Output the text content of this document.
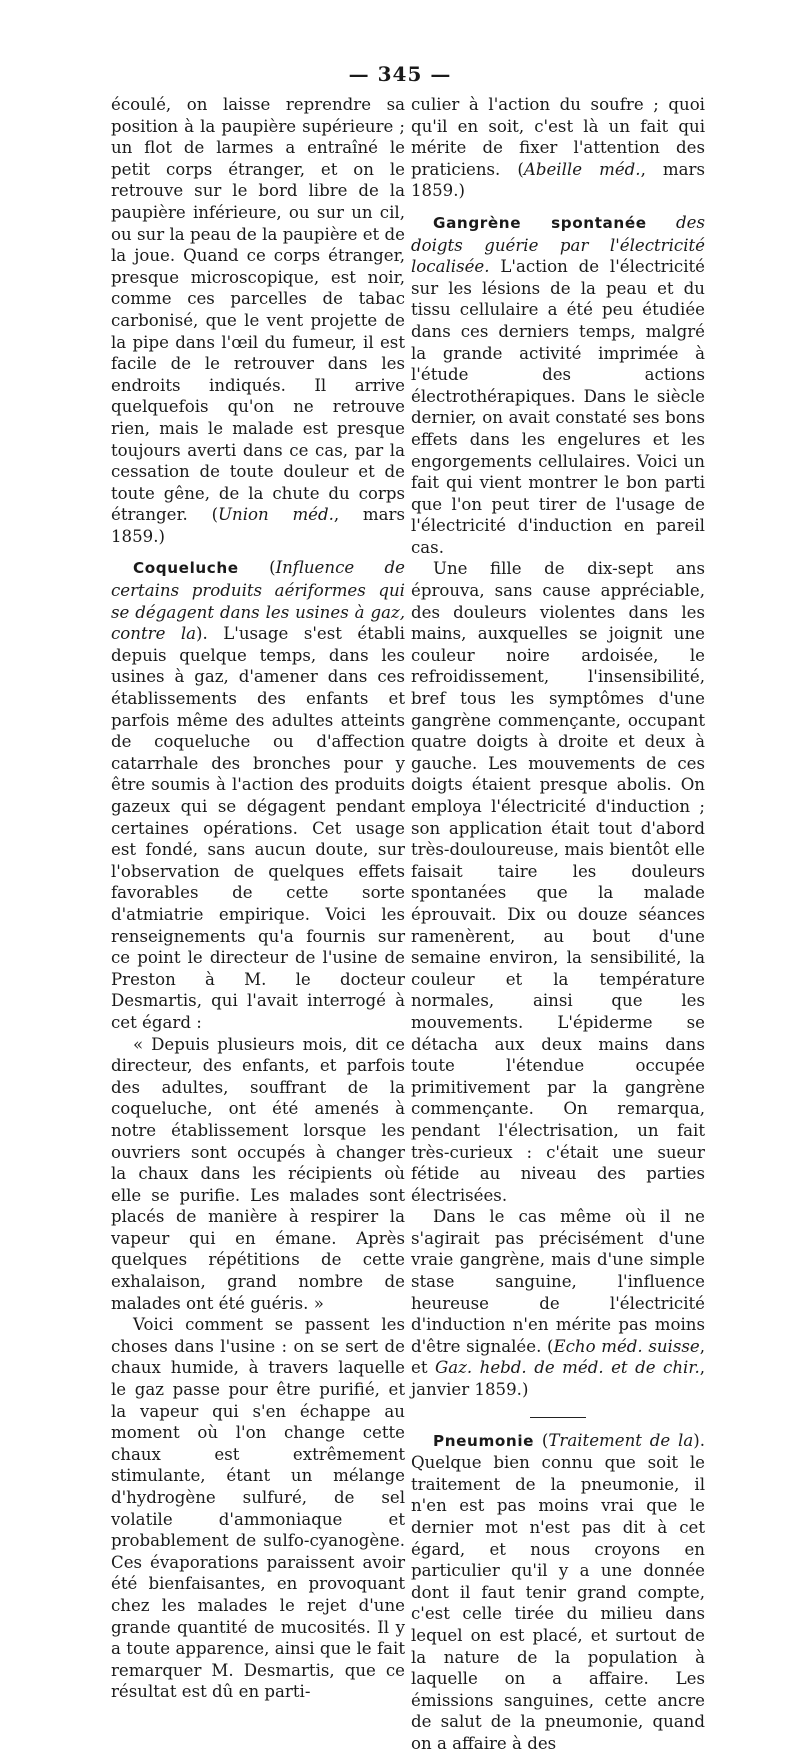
— 345 —

écoulé, on laisse reprendre sa position à la paupière supérieure ; un flot de larmes a entraîné le petit corps étranger, et on le retrouve sur le bord libre de la paupière inférieure, ou sur un cil, ou sur la peau de la paupière et de la joue. Quand ce corps étranger, presque microscopique, est noir, comme ces parcelles de tabac carbonisé, que le vent projette de la pipe dans l'œil du fumeur, il est facile de le retrouver dans les endroits indiqués. Il arrive quelquefois qu'on ne retrouve rien, mais le malade est presque toujours averti dans ce cas, par la cessation de toute douleur et de toute gêne, de la chute du corps étranger. (Union méd., mars 1859.)

Coqueluche (Influence de certains produits aériformes qui se dégagent dans les usines à gaz, contre la). L'usage s'est établi depuis quelque temps, dans les usines à gaz, d'amener dans ces établissements des enfants et parfois même des adultes atteints de coqueluche ou d'affection catarrhale des bronches pour y être soumis à l'action des produits gazeux qui se dégagent pendant certaines opérations. Cet usage est fondé, sans aucun doute, sur l'observation de quelques effets favorables de cette sorte d'atmiatrie empirique. Voici les renseignements qu'a fournis sur ce point le directeur de l'usine de Preston à M. le docteur Desmartis, qui l'avait interrogé à cet égard :

« Depuis plusieurs mois, dit ce directeur, des enfants, et parfois des adultes, souffrant de la coqueluche, ont été amenés à notre établissement lorsque les ouvriers sont occupés à changer la chaux dans les récipients où elle se purifie. Les malades sont placés de manière à respirer la vapeur qui en émane. Après quelques répétitions de cette exhalaison, grand nombre de malades ont été guéris. »

Voici comment se passent les choses dans l'usine : on se sert de chaux humide, à travers laquelle le gaz passe pour être purifié, et la vapeur qui s'en échappe au moment où l'on change cette chaux est extrêmement stimulante, étant un mélange d'hydrogène sulfuré, de sel volatile d'ammoniaque et probablement de sulfo-cyanogène. Ces évaporations paraissent avoir été bienfaisantes, en provoquant chez les malades le rejet d'une grande quantité de mucosités. Il y a toute apparence, ainsi que le fait remarquer M. Desmartis, que ce résultat est dû en parti-

culier à l'action du soufre ; quoi qu'il en soit, c'est là un fait qui mérite de fixer l'attention des praticiens. (Abeille méd., mars 1859.)

Gangrène spontanée des doigts guérie par l'électricité localisée. L'action de l'électricité sur les lésions de la peau et du tissu cellulaire a été peu étudiée dans ces derniers temps, malgré la grande activité imprimée à l'étude des actions électrothérapiques. Dans le siècle dernier, on avait constaté ses bons effets dans les engelures et les engorgements cellulaires. Voici un fait qui vient montrer le bon parti que l'on peut tirer de l'usage de l'électricité d'induction en pareil cas.

Une fille de dix-sept ans éprouva, sans cause appréciable, des douleurs violentes dans les mains, auxquelles se joignit une couleur noire ardoisée, le refroidissement, l'insensibilité, bref tous les symptômes d'une gangrène commençante, occupant quatre doigts à droite et deux à gauche. Les mouvements de ces doigts étaient presque abolis. On employa l'électricité d'induction ; son application était tout d'abord très-douloureuse, mais bientôt elle faisait taire les douleurs spontanées que la malade éprouvait. Dix ou douze séances ramenèrent, au bout d'une semaine environ, la sensibilité, la couleur et la température normales, ainsi que les mouvements. L'épiderme se détacha aux deux mains dans toute l'étendue occupée primitivement par la gangrène commençante. On remarqua, pendant l'électrisation, un fait très-curieux : c'était une sueur fétide au niveau des parties électrisées.

Dans le cas même où il ne s'agirait pas précisément d'une vraie gangrène, mais d'une simple stase sanguine, l'influence heureuse de l'électricité d'induction n'en mérite pas moins d'être signalée. (Echo méd. suisse, et Gaz. hebd. de méd. et de chir., janvier 1859.)

Pneumonie (Traitement de la). Quelque bien connu que soit le traitement de la pneumonie, il n'en est pas moins vrai que le dernier mot n'est pas dit à cet égard, et nous croyons en particulier qu'il y a une donnée dont il faut tenir grand compte, c'est celle tirée du milieu dans lequel on est placé, et surtout de la nature de la population à laquelle on a affaire. Les émissions sanguines, cette ancre de salut de la pneumonie, quand on a affaire à des
